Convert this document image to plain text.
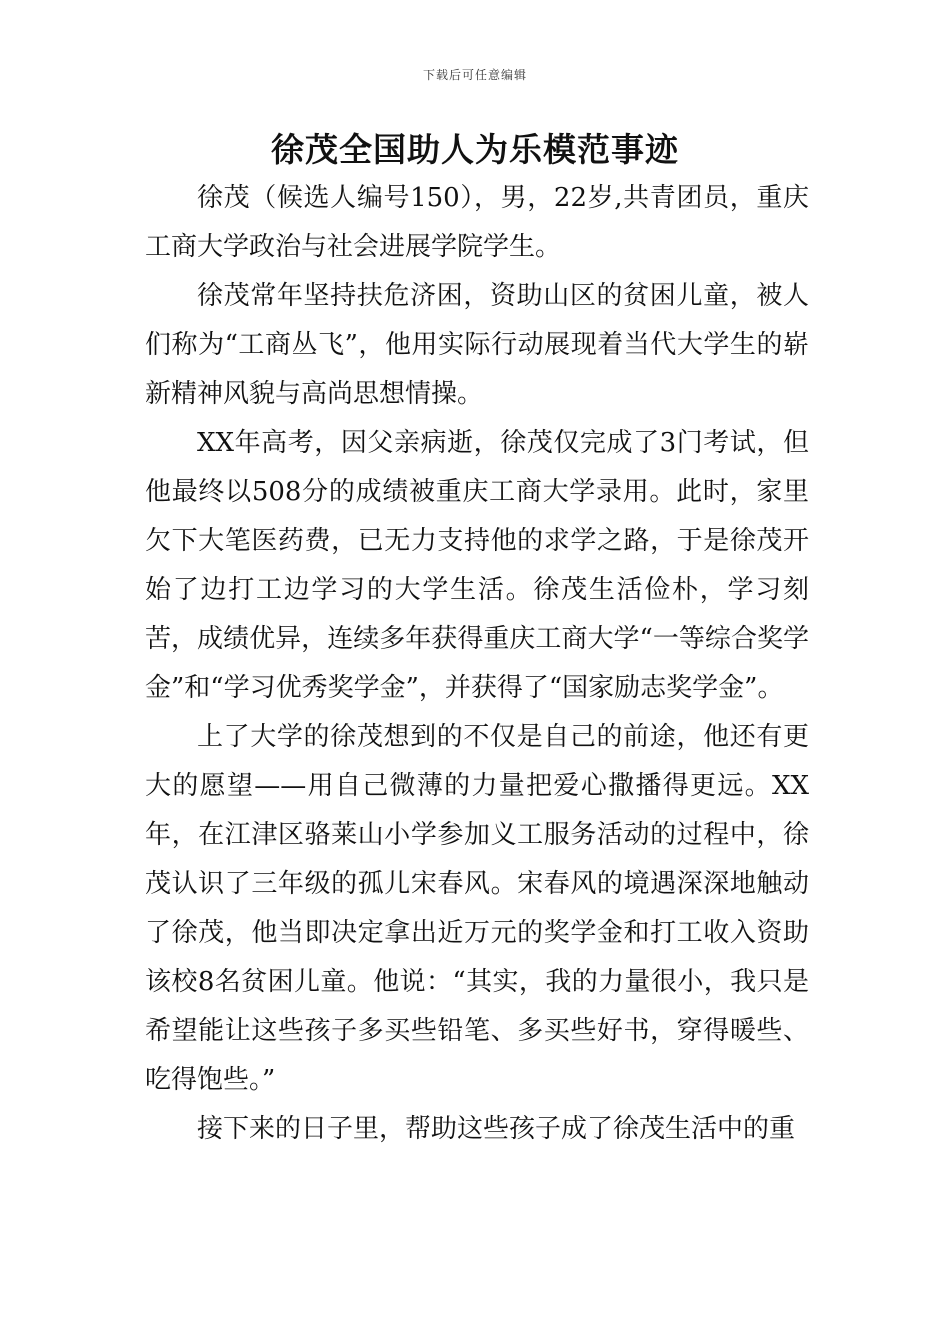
下载后可任意编辑
徐茂全国助人为乐模范事迹

徐茂（候选人编号150），男，22岁,共青团员，重庆工商大学政治与社会进展学院学生。

徐茂常年坚持扶危济困，资助山区的贫困儿童，被人们称为“工商丛飞”，他用实际行动展现着当代大学生的崭新精神风貌与高尚思想情操。

XX年高考，因父亲病逝，徐茂仅完成了3门考试，但他最终以508分的成绩被重庆工商大学录用。此时，家里欠下大笔医药费，已无力支持他的求学之路，于是徐茂开始了边打工边学习的大学生活。徐茂生活俭朴，学习刻苦，成绩优异，连续多年获得重庆工商大学“一等综合奖学金”和“学习优秀奖学金”，并获得了“国家励志奖学金”。

上了大学的徐茂想到的不仅是自己的前途，他还有更大的愿望——用自己微薄的力量把爱心撒播得更远。XX年，在江津区骆莱山小学参加义工服务活动的过程中，徐茂认识了三年级的孤儿宋春风。宋春风的境遇深深地触动了徐茂，他当即决定拿出近万元的奖学金和打工收入资助该校8名贫困儿童。他说：“其实，我的力量很小，我只是希望能让这些孩子多买些铅笔、多买些好书，穿得暖些、吃得饱些。”

接下来的日子里，帮助这些孩子成了徐茂生活中的重
